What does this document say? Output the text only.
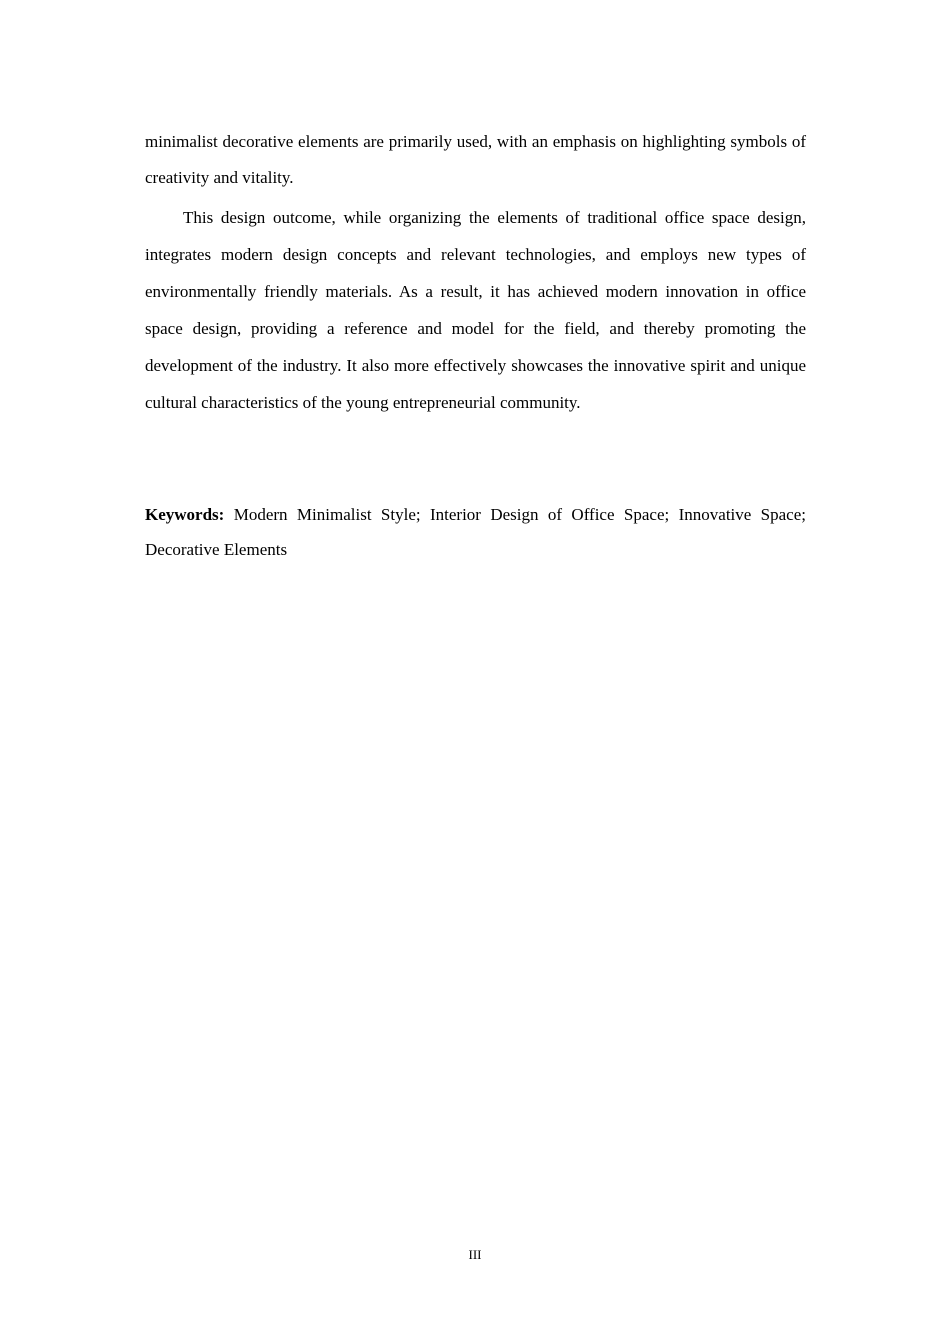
minimalist decorative elements are primarily used, with an emphasis on highlighting symbols of creativity and vitality.

This design outcome, while organizing the elements of traditional office space design, integrates modern design concepts and relevant technologies, and employs new types of environmentally friendly materials. As a result, it has achieved modern innovation in office space design, providing a reference and model for the field, and thereby promoting the development of the industry. It also more effectively showcases the innovative spirit and unique cultural characteristics of the young entrepreneurial community.

Keywords: Modern Minimalist Style; Interior Design of Office Space; Innovative Space; Decorative Elements

III
